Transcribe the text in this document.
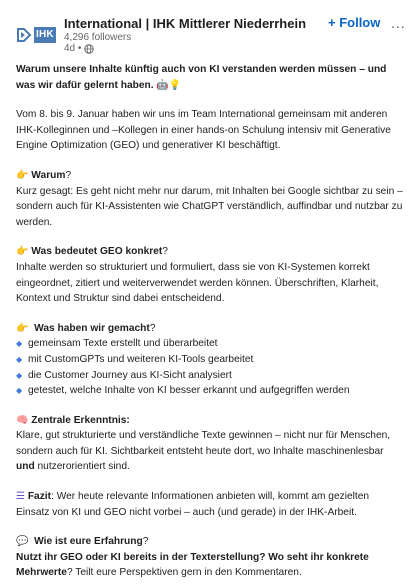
IHK
International | IHK Mittlerer Niederrhein
4,296 followers
4d •
+ Follow ...

Warum unsere Inhalte künftig auch von KI verstanden werden müssen – und was wir dafür gelernt haben. 🤖💡

Vom 8. bis 9. Januar haben wir uns im Team International gemeinsam mit anderen IHK-Kolleginnen und –Kollegen in einer hands-on Schulung intensiv mit Generative Engine Optimization (GEO) und generativer KI beschäftigt.

👉 Warum?

Kurz gesagt: Es geht nicht mehr nur darum, mit Inhalten bei Google sichtbar zu sein – sondern auch für KI-Assistenten wie ChatGPT verständlich, auffindbar und nutzbar zu werden.

👉 Was bedeutet GEO konkret?

Inhalte werden so strukturiert und formuliert, dass sie von KI-Systemen korrekt eingeordnet, zitiert und weiterverwendet werden können. Überschriften, Klarheit, Kontext und Struktur sind dabei entscheidend.

👉 Was haben wir gemacht?

◆ gemeinsam Texte erstellt und überarbeitet

◆ mit CustomGPTs und weiteren KI-Tools gearbeitet

◆ die Customer Journey aus KI-Sicht analysiert

◆ getestet, welche Inhalte von KI besser erkannt und aufgegriffen werden

🧠 Zentrale Erkenntnis:

Klare, gut strukturierte und verständliche Texte gewinnen – nicht nur für Menschen, sondern auch für KI. Sichtbarkeit entsteht heute dort, wo Inhalte maschinenlesbar und nutzerorientiert sind.

☰ Fazit: Wer heute relevante Informationen anbieten will, kommt am gezielten Einsatz von KI und GEO nicht vorbei – auch (und gerade) in der IHK-Arbeit.

💬 Wie ist eure Erfahrung?

Nutzt ihr GEO oder KI bereits in der Texterstellung? Wo seht ihr konkrete Mehrwerte? Teilt eure Perspektiven gern in den Kommentaren.
